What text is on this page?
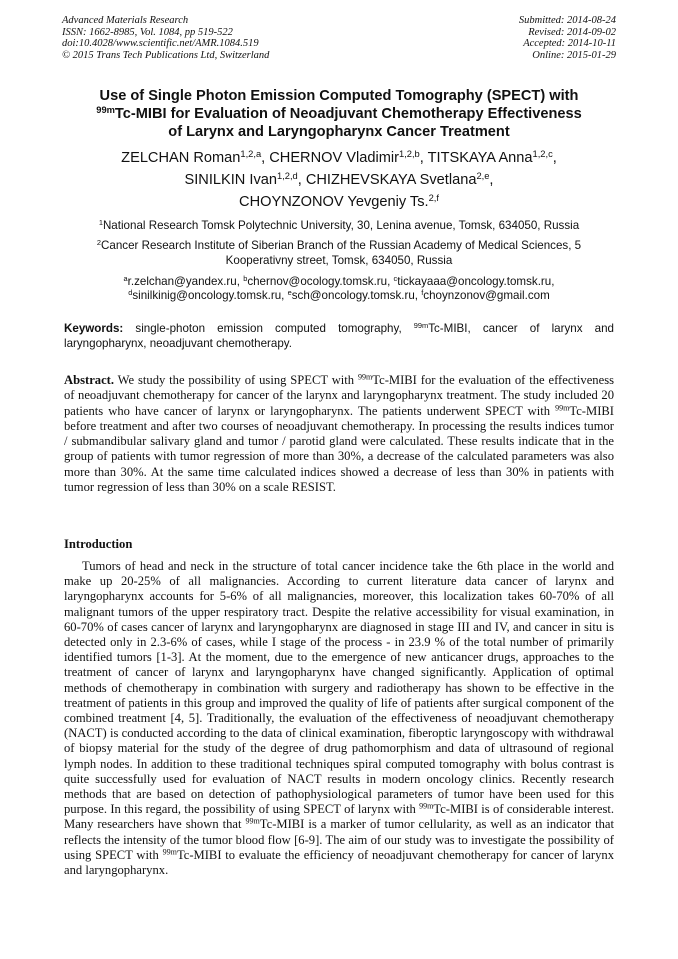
Advanced Materials Research
ISSN: 1662-8985, Vol. 1084, pp 519-522
doi:10.4028/www.scientific.net/AMR.1084.519
© 2015 Trans Tech Publications Ltd, Switzerland
Submitted: 2014-08-24
Revised: 2014-09-02
Accepted: 2014-10-11
Online: 2015-01-29
Use of Single Photon Emission Computed Tomography (SPECT) with
$^{99m}$Tc-MIBI for Evaluation of Neoadjuvant Chemotherapy Effectiveness
of Larynx and Laryngopharynx Cancer Treatment
ZELCHAN Roman$^{1,2,a}$, CHERNOV Vladimir$^{1,2,b}$, TITSKAYA Anna$^{1,2,c}$,
SINILKIN Ivan$^{1,2,d}$, CHIZHEVSKAYA Svetlana$^{2,e}$,
CHOYNZONOV Yevgeniy Ts.$^{2,f}$
$^1$National Research Tomsk Polytechnic University, 30, Lenina avenue, Tomsk, 634050, Russia
$^2$Cancer Research Institute of Siberian Branch of the Russian Academy of Medical Sciences, 5 Kooperativny street, Tomsk, 634050, Russia
$^a$r.zelchan@yandex.ru, $^b$chernov@ocology.tomsk.ru, $^c$tickayaaa@oncology.tomsk.ru,
$^d$sinilkinig@oncology.tomsk.ru, $^e$sch@oncology.tomsk.ru, $^f$choynzonov@gmail.com
Keywords: single-photon emission computed tomography, $^{99m}$Tc-MIBI, cancer of larynx and laryngopharynx, neoadjuvant chemotherapy.
Abstract. We study the possibility of using SPECT with $^{99m}$Tc-MIBI for the evaluation of the effectiveness of neoadjuvant chemotherapy for cancer of the larynx and laryngopharynx treatment. The study included 20 patients who have cancer of larynx or laryngopharynx. The patients underwent SPECT with $^{99m}$Tc-MIBI before treatment and after two courses of neoadjuvant chemotherapy. In processing the results indices tumor / submandibular salivary gland and tumor / parotid gland were calculated. These results indicate that in the group of patients with tumor regression of more than 30%, a decrease of the calculated parameters was also more than 30%. At the same time calculated indices showed a decrease of less than 30% in patients with tumor regression of less than 30% on a scale RESIST.
Introduction
Tumors of head and neck in the structure of total cancer incidence take the 6th place in the world and make up 20-25% of all malignancies. According to current literature data cancer of larynx and laryngopharynx accounts for 5-6% of all malignancies, moreover, this localization takes 60-70% of all malignant tumors of the upper respiratory tract. Despite the relative accessibility for visual examination, in 60-70% of cases cancer of larynx and laryngopharynx are diagnosed in stage III and IV, and cancer in situ is detected only in 2.3-6% of cases, while I stage of the process - in 23.9 % of the total number of primarily identified tumors [1-3]. At the moment, due to the emergence of new anticancer drugs, approaches to the treatment of cancer of larynx and laryngopharynx have changed significantly. Application of optimal methods of chemotherapy in combination with surgery and radiotherapy has shown to be effective in the treatment of patients in this group and improved the quality of life of patients after surgical component of the combined treatment [4, 5]. Traditionally, the evaluation of the effectiveness of neoadjuvant chemotherapy (NACT) is conducted according to the data of clinical examination, fiberoptic laryngoscopy with withdrawal of biopsy material for the study of the degree of drug pathomorphism and data of ultrasound of regional lymph nodes. In addition to these traditional techniques spiral computed tomography with bolus contrast is quite successfully used for evaluation of NACT results in modern oncology clinics. Recently research methods that are based on detection of pathophysiological parameters of tumor have been used for this purpose. In this regard, the possibility of using SPECT of larynx with $^{99m}$Tc-MIBI is of considerable interest. Many researchers have shown that $^{99m}$Tc-MIBI is a marker of tumor cellularity, as well as an indicator that reflects the intensity of the tumor blood flow [6-9]. The aim of our study was to investigate the possibility of using SPECT with $^{99m}$Tc-MIBI to evaluate the efficiency of neoadjuvant chemotherapy for cancer of larynx and laryngopharynx.
